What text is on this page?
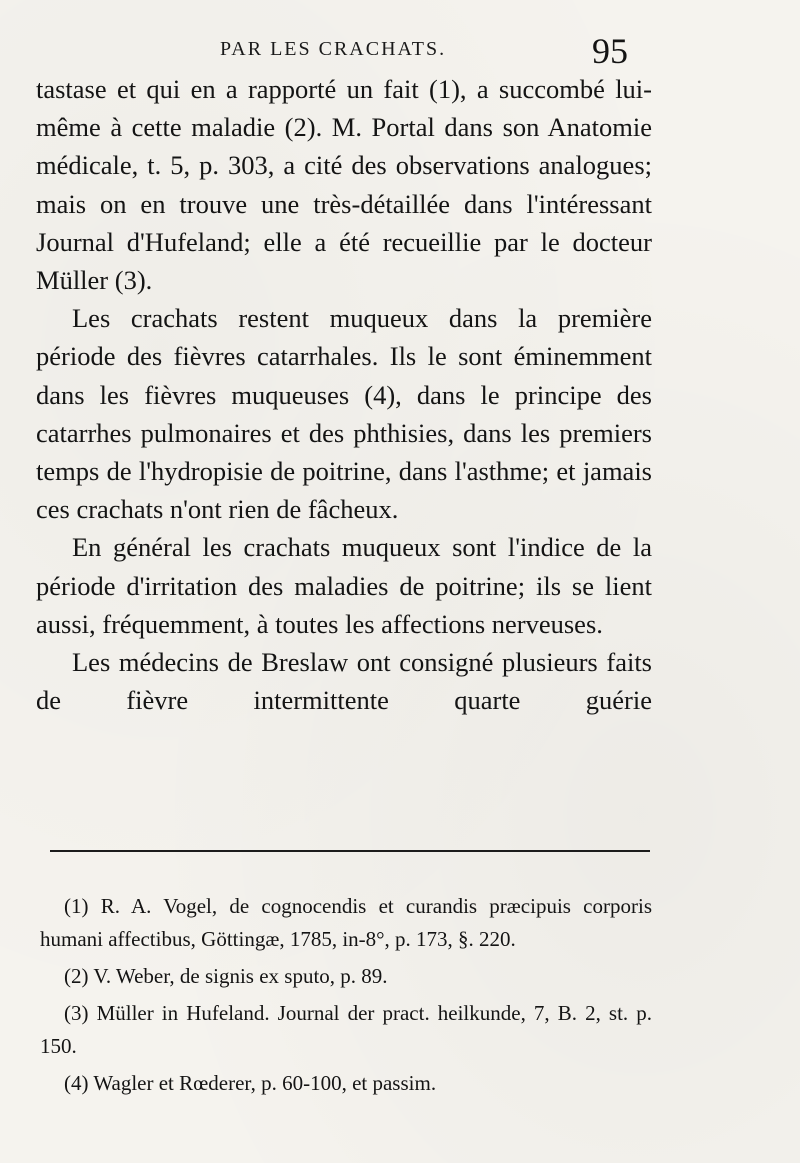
PAR LES CRACHATS.	95

tastase et qui en a rapporté un fait (1), a succombé lui-même à cette maladie (2). M. Portal dans son Anatomie médicale, t. 5, p. 303, a cité des observations analogues; mais on en trouve une très-détaillée dans l'intéressant Journal d'Hufeland; elle a été recueillie par le docteur Müller (3).

Les crachats restent muqueux dans la première période des fièvres catarrhales. Ils le sont éminemment dans les fièvres muqueuses (4), dans le principe des catarrhes pulmonaires et des phthisies, dans les premiers temps de l'hydropisie de poitrine, dans l'asthme; et jamais ces crachats n'ont rien de fâcheux.

En général les crachats muqueux sont l'indice de la période d'irritation des maladies de poitrine; ils se lient aussi, fréquemment, à toutes les affections nerveuses.

Les médecins de Breslaw ont consigné plusieurs faits de fièvre intermittente quarte guérie

(1) R. A. Vogel, de cognocendis et curandis præcipuis corporis humani affectibus, Göttingæ, 1785, in-8°, p. 173, §. 220.

(2) V. Weber, de signis ex sputo, p. 89.

(3) Müller in Hufeland. Journal der pract. heilkunde, 7, B. 2, st. p. 150.

(4) Wagler et Rœderer, p. 60-100, et passim.
